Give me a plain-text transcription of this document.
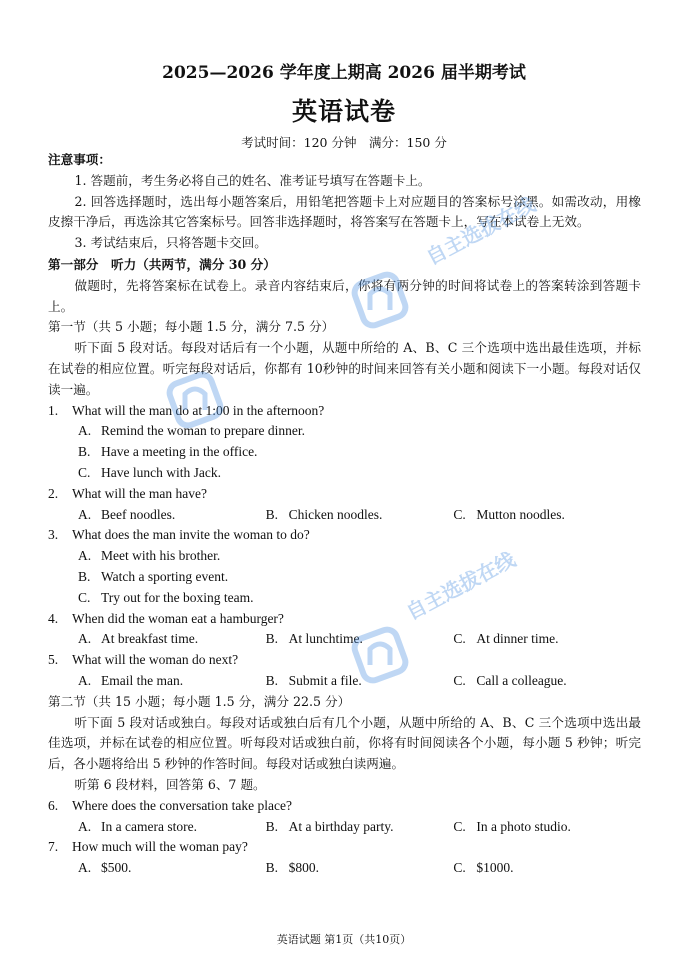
2025—2026 学年度上期高 2026 届半期考试
英语试卷
考试时间：120 分钟　满分：150 分
注意事项：
1. 答题前，考生务必将自己的姓名、准考证号填写在答题卡上。
2. 回答选择题时，选出每小题答案后，用铅笔把答题卡上对应题目的答案标号涂黑。如需改动，用橡皮擦干净后，再选涂其它答案标号。回答非选择题时，将答案写在答题卡上，写在本试卷上无效。
3. 考试结束后，只将答题卡交回。
第一部分　听力（共两节，满分 30 分）
做题时，先将答案标在试卷上。录音内容结束后，你将有两分钟的时间将试卷上的答案转涂到答题卡上。
第一节（共 5 小题；每小题 1.5 分，满分 7.5 分）
听下面 5 段对话。每段对话后有一个小题，从题中所给的 A、B、C 三个选项中选出最佳选项，并标在试卷的相应位置。听完每段对话后，你都有 10秒钟的时间来回答有关小题和阅读下一小题。每段对话仅读一遍。
1.	What will the man do at 1:00 in the afternoon?
A. Remind the woman to prepare dinner.
B. Have a meeting in the office.
C. Have lunch with Jack.
2.	What will the man have?
A. Beef noodles.	B. Chicken noodles.	C. Mutton noodles.
3.	What does the man invite the woman to do?
A. Meet with his brother.
B. Watch a sporting event.
C. Try out for the boxing team.
4.	When did the woman eat a hamburger?
A. At breakfast time.	B. At lunchtime.	C. At dinner time.
5.	What will the woman do next?
A. Email the man.	B. Submit a file.	C. Call a colleague.
第二节（共 15 小题；每小题 1.5 分，满分 22.5 分）
听下面 5 段对话或独白。每段对话或独白后有几个小题，从题中所给的 A、B、C 三个选项中选出最佳选项，并标在试卷的相应位置。听每段对话或独白前，你将有时间阅读各个小题，每小题 5 秒钟；听完后，各小题将给出 5 秒钟的作答时间。每段对话或独白读两遍。
听第 6 段材料，回答第 6、7 题。
6.	Where does the conversation take place?
A. In a camera store.	B. At a birthday party.	C. In a photo studio.
7.	How much will the woman pay?
A. $500.	B. $800.	C. $1000.
英语试题 第1页（共10页）
自主选拔在线
自主选拔在线
